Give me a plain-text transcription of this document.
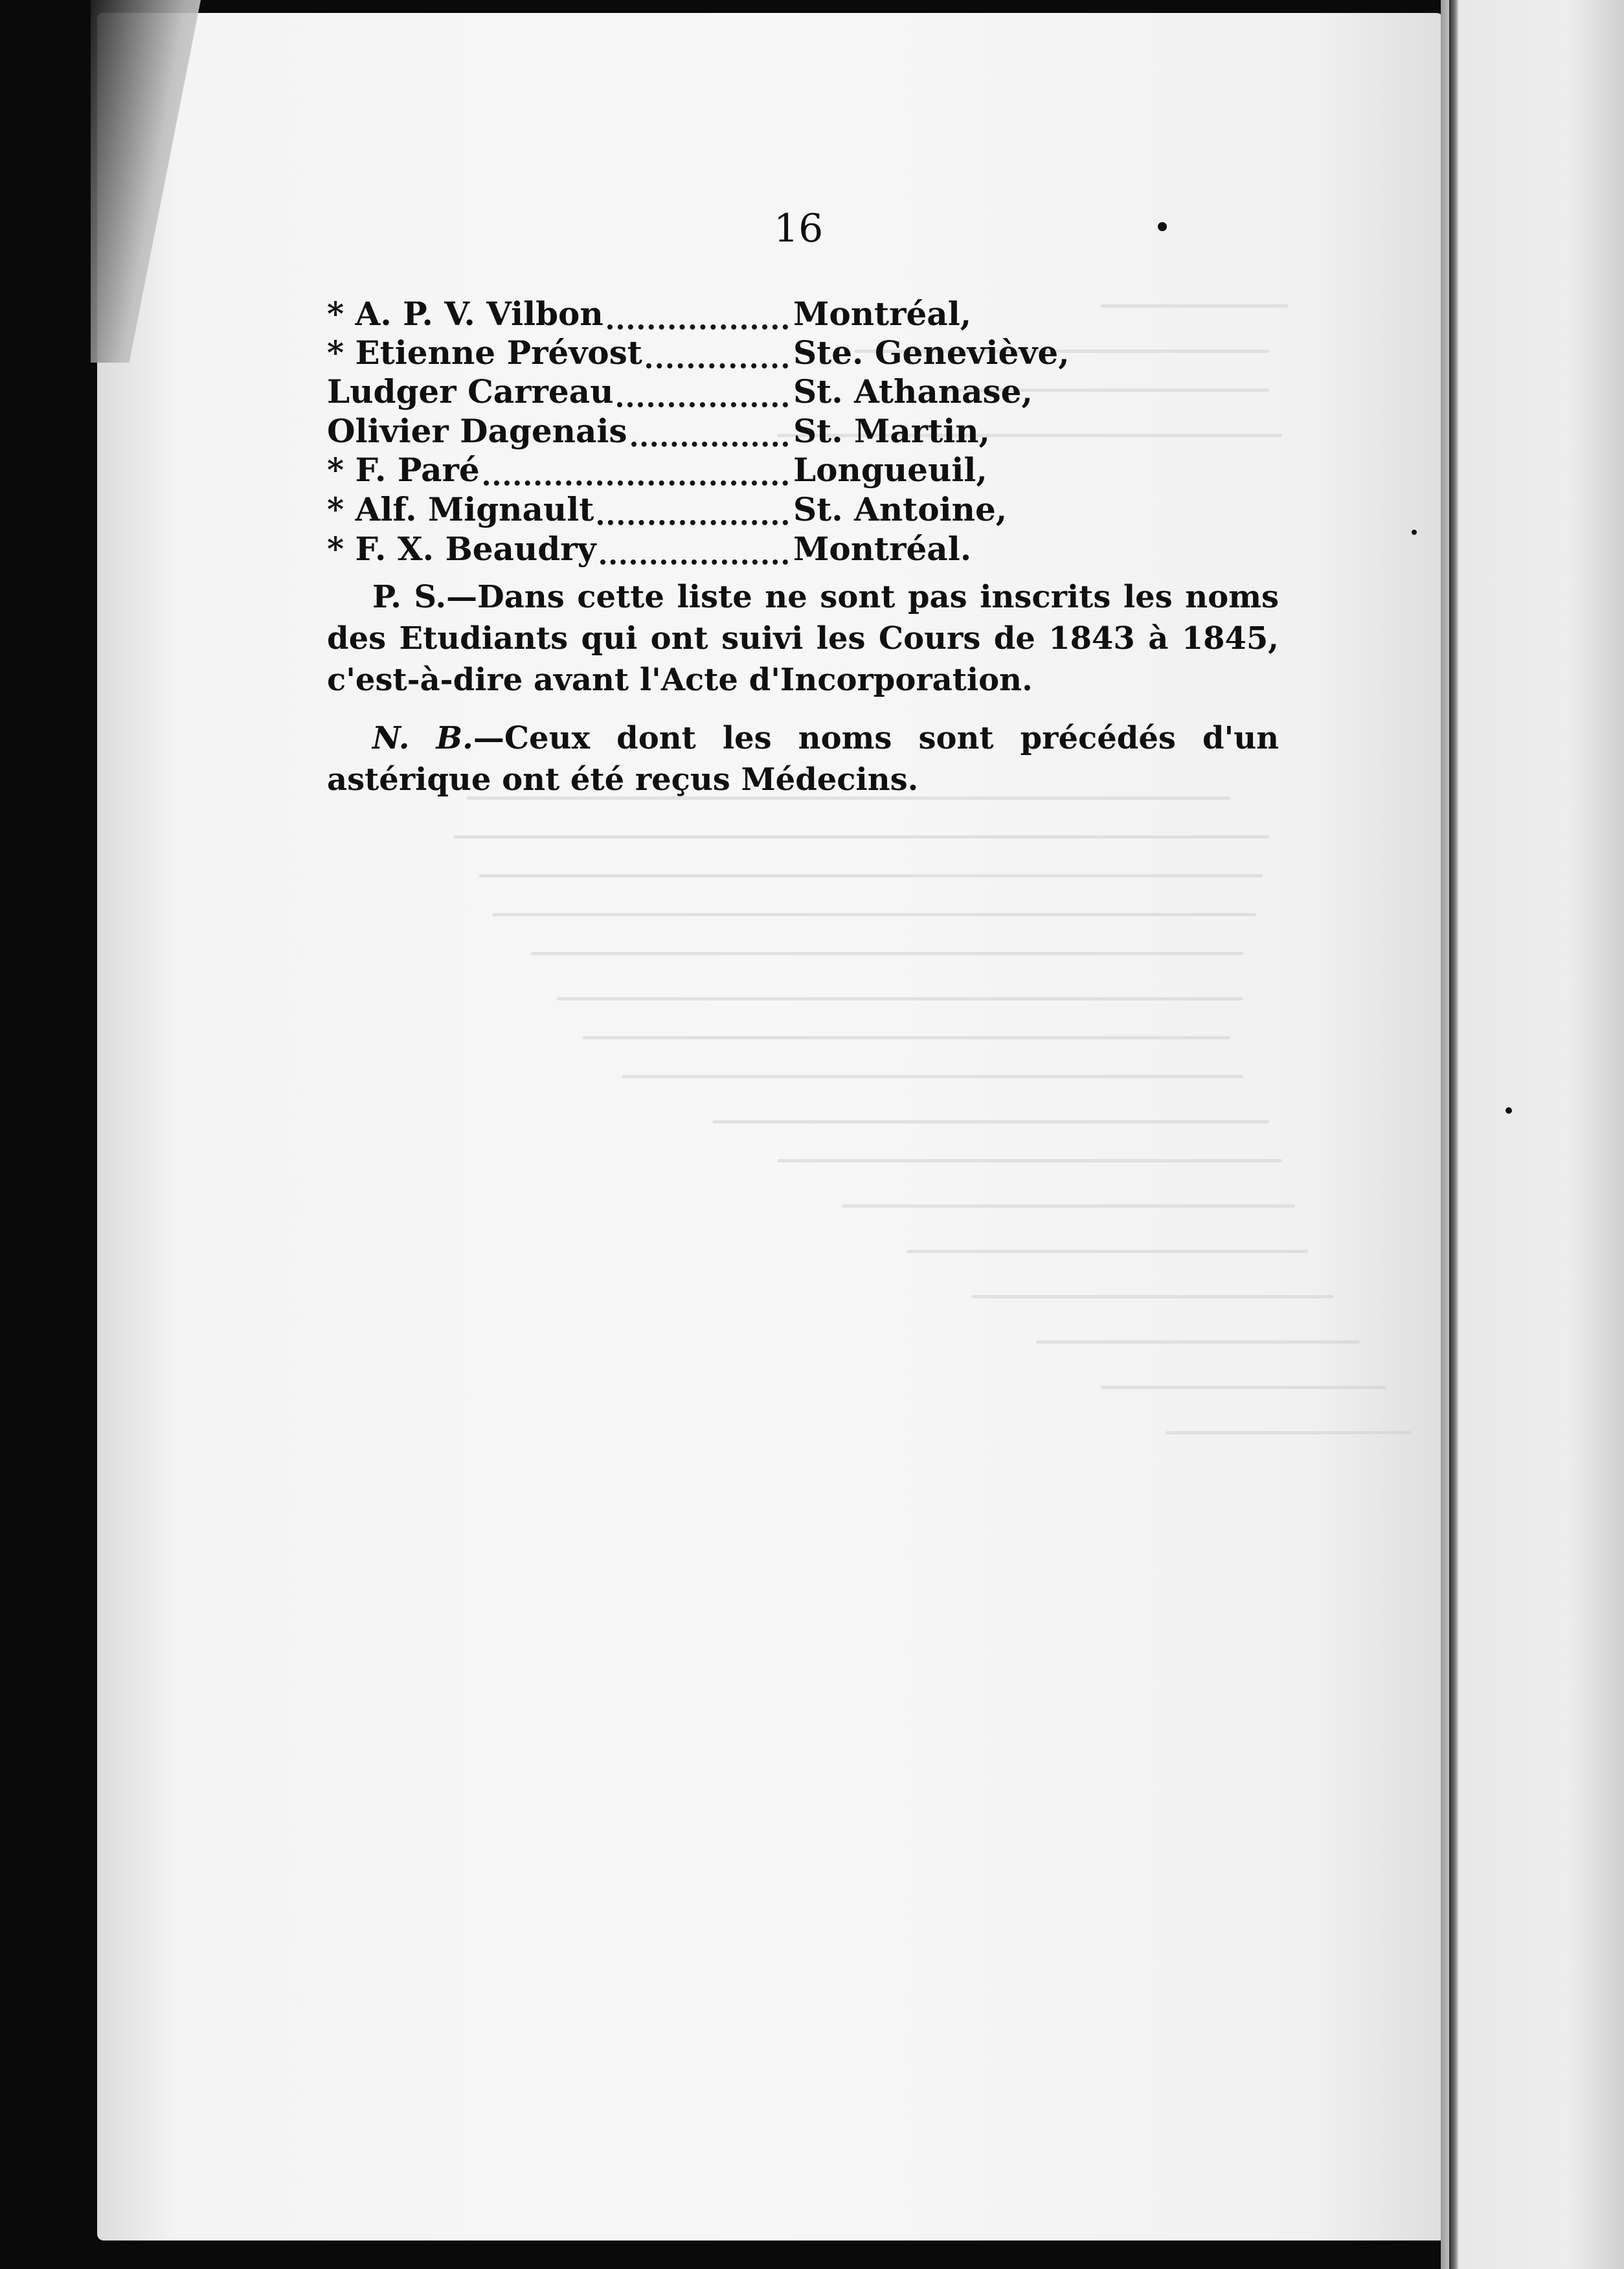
16
* A. P. V. Vilbon	Montréal,
* Etienne Prévost	Ste. Geneviève,
Ludger Carreau	St. Athanase,
Olivier Dagenais	St. Martin,
* F. Paré	Longueuil,
* Alf. Mignault	St. Antoine,
* F. X. Beaudry	Montréal.
P. S.—Dans cette liste ne sont pas inscrits les noms des Etudiants qui ont suivi les Cours de 1843 à 1845, c'est-à-dire avant l'Acte d'Incorporation.
N. B.—Ceux dont les noms sont précédés d'un astérique ont été reçus Médecins.
